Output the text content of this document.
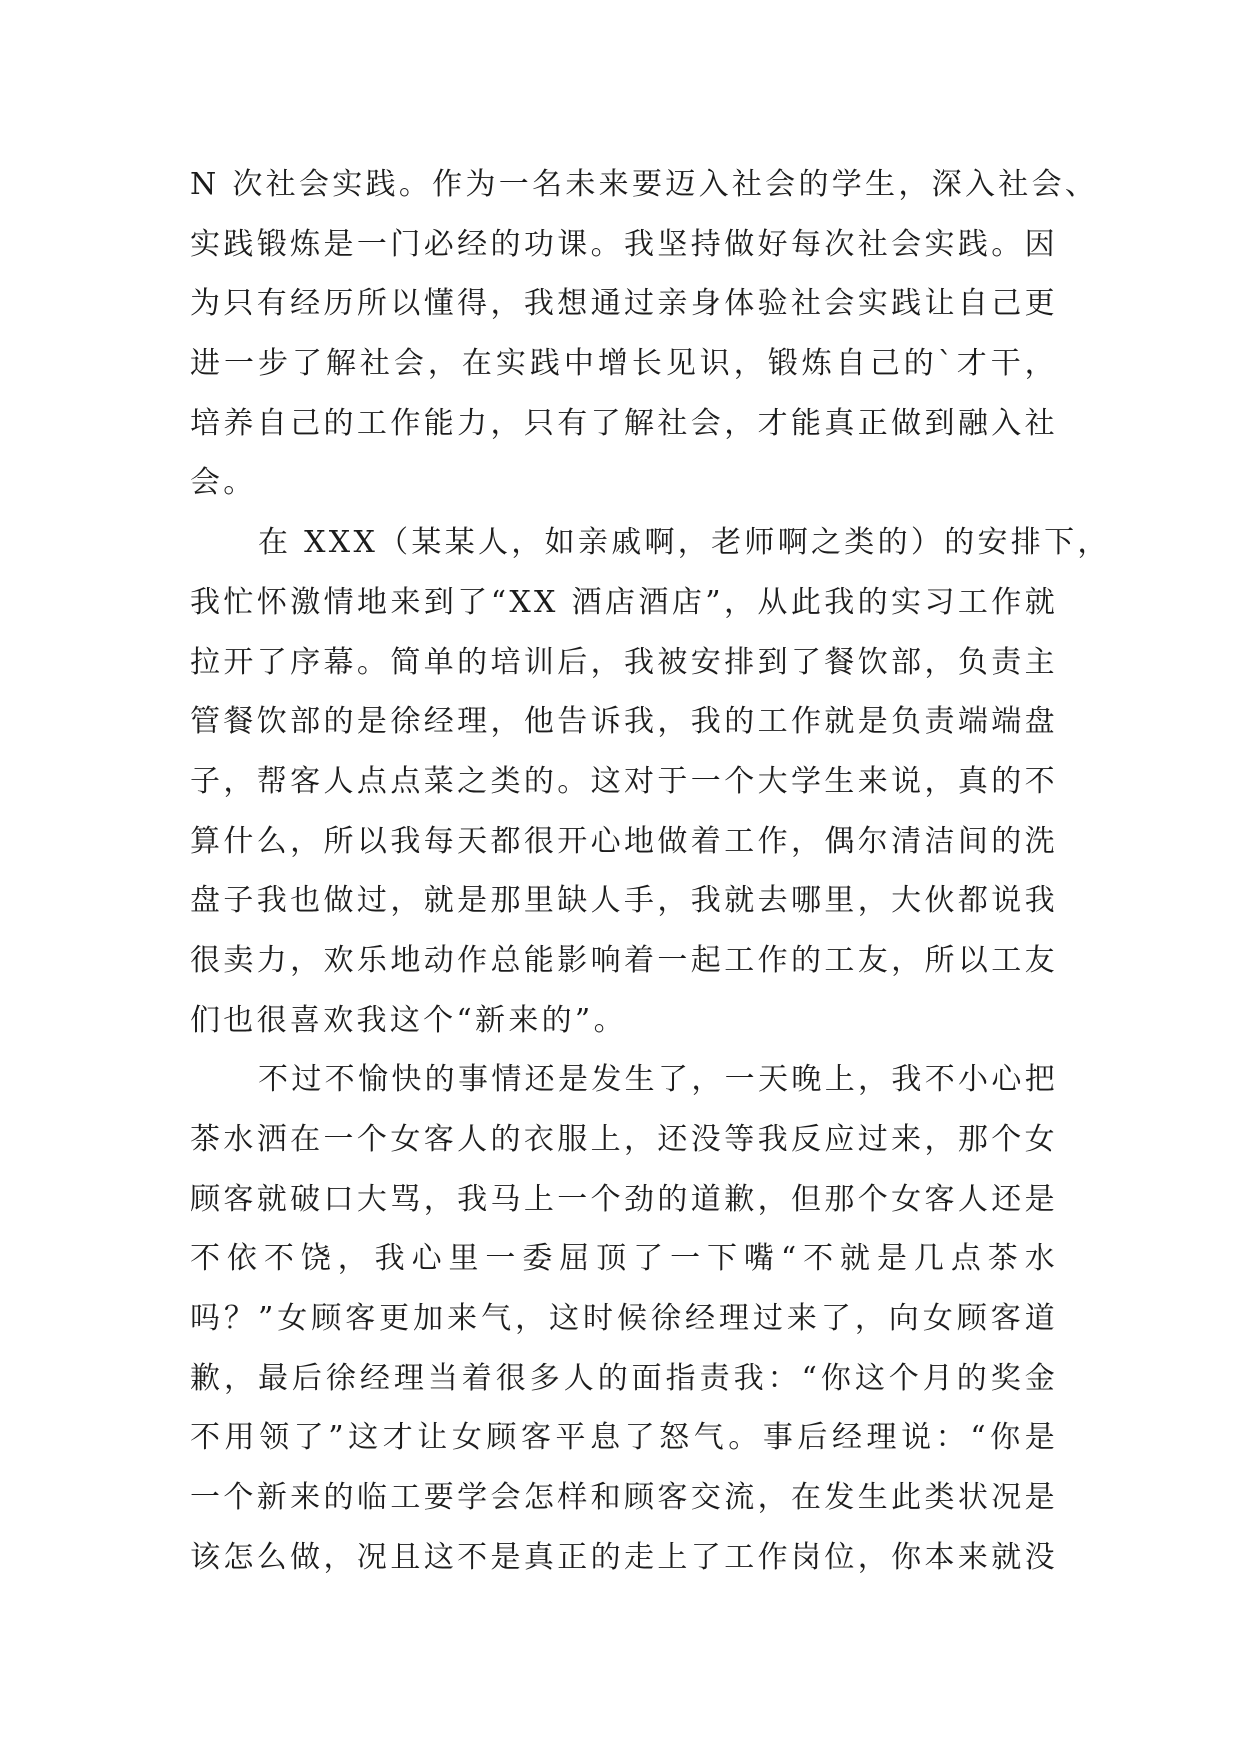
N 次社会实践。作为一名未来要迈入社会的学生，深入社会、
实践锻炼是一门必经的功课。我坚持做好每次社会实践。因
为只有经历所以懂得，我想通过亲身体验社会实践让自己更
进一步了解社会，在实践中增长见识，锻炼自己的`才干，
培养自己的工作能力，只有了解社会，才能真正做到融入社
会。
在 XXX（某某人，如亲戚啊，老师啊之类的）的安排下，
我忙怀激情地来到了“XX 酒店酒店”，从此我的实习工作就
拉开了序幕。简单的培训后，我被安排到了餐饮部，负责主
管餐饮部的是徐经理，他告诉我，我的工作就是负责端端盘
子，帮客人点点菜之类的。这对于一个大学生来说，真的不
算什么，所以我每天都很开心地做着工作，偶尔清洁间的洗
盘子我也做过，就是那里缺人手，我就去哪里，大伙都说我
很卖力，欢乐地动作总能影响着一起工作的工友，所以工友
们也很喜欢我这个“新来的”。
不过不愉快的事情还是发生了，一天晚上，我不小心把
茶水洒在一个女客人的衣服上，还没等我反应过来，那个女
顾客就破口大骂，我马上一个劲的道歉，但那个女客人还是
不依不饶，我心里一委屈顶了一下嘴“不就是几点茶水
吗？”女顾客更加来气，这时候徐经理过来了，向女顾客道
歉，最后徐经理当着很多人的面指责我：“你这个月的奖金
不用领了”这才让女顾客平息了怒气。事后经理说：“你是
一个新来的临工要学会怎样和顾客交流，在发生此类状况是
该怎么做，况且这不是真正的走上了工作岗位，你本来就没
